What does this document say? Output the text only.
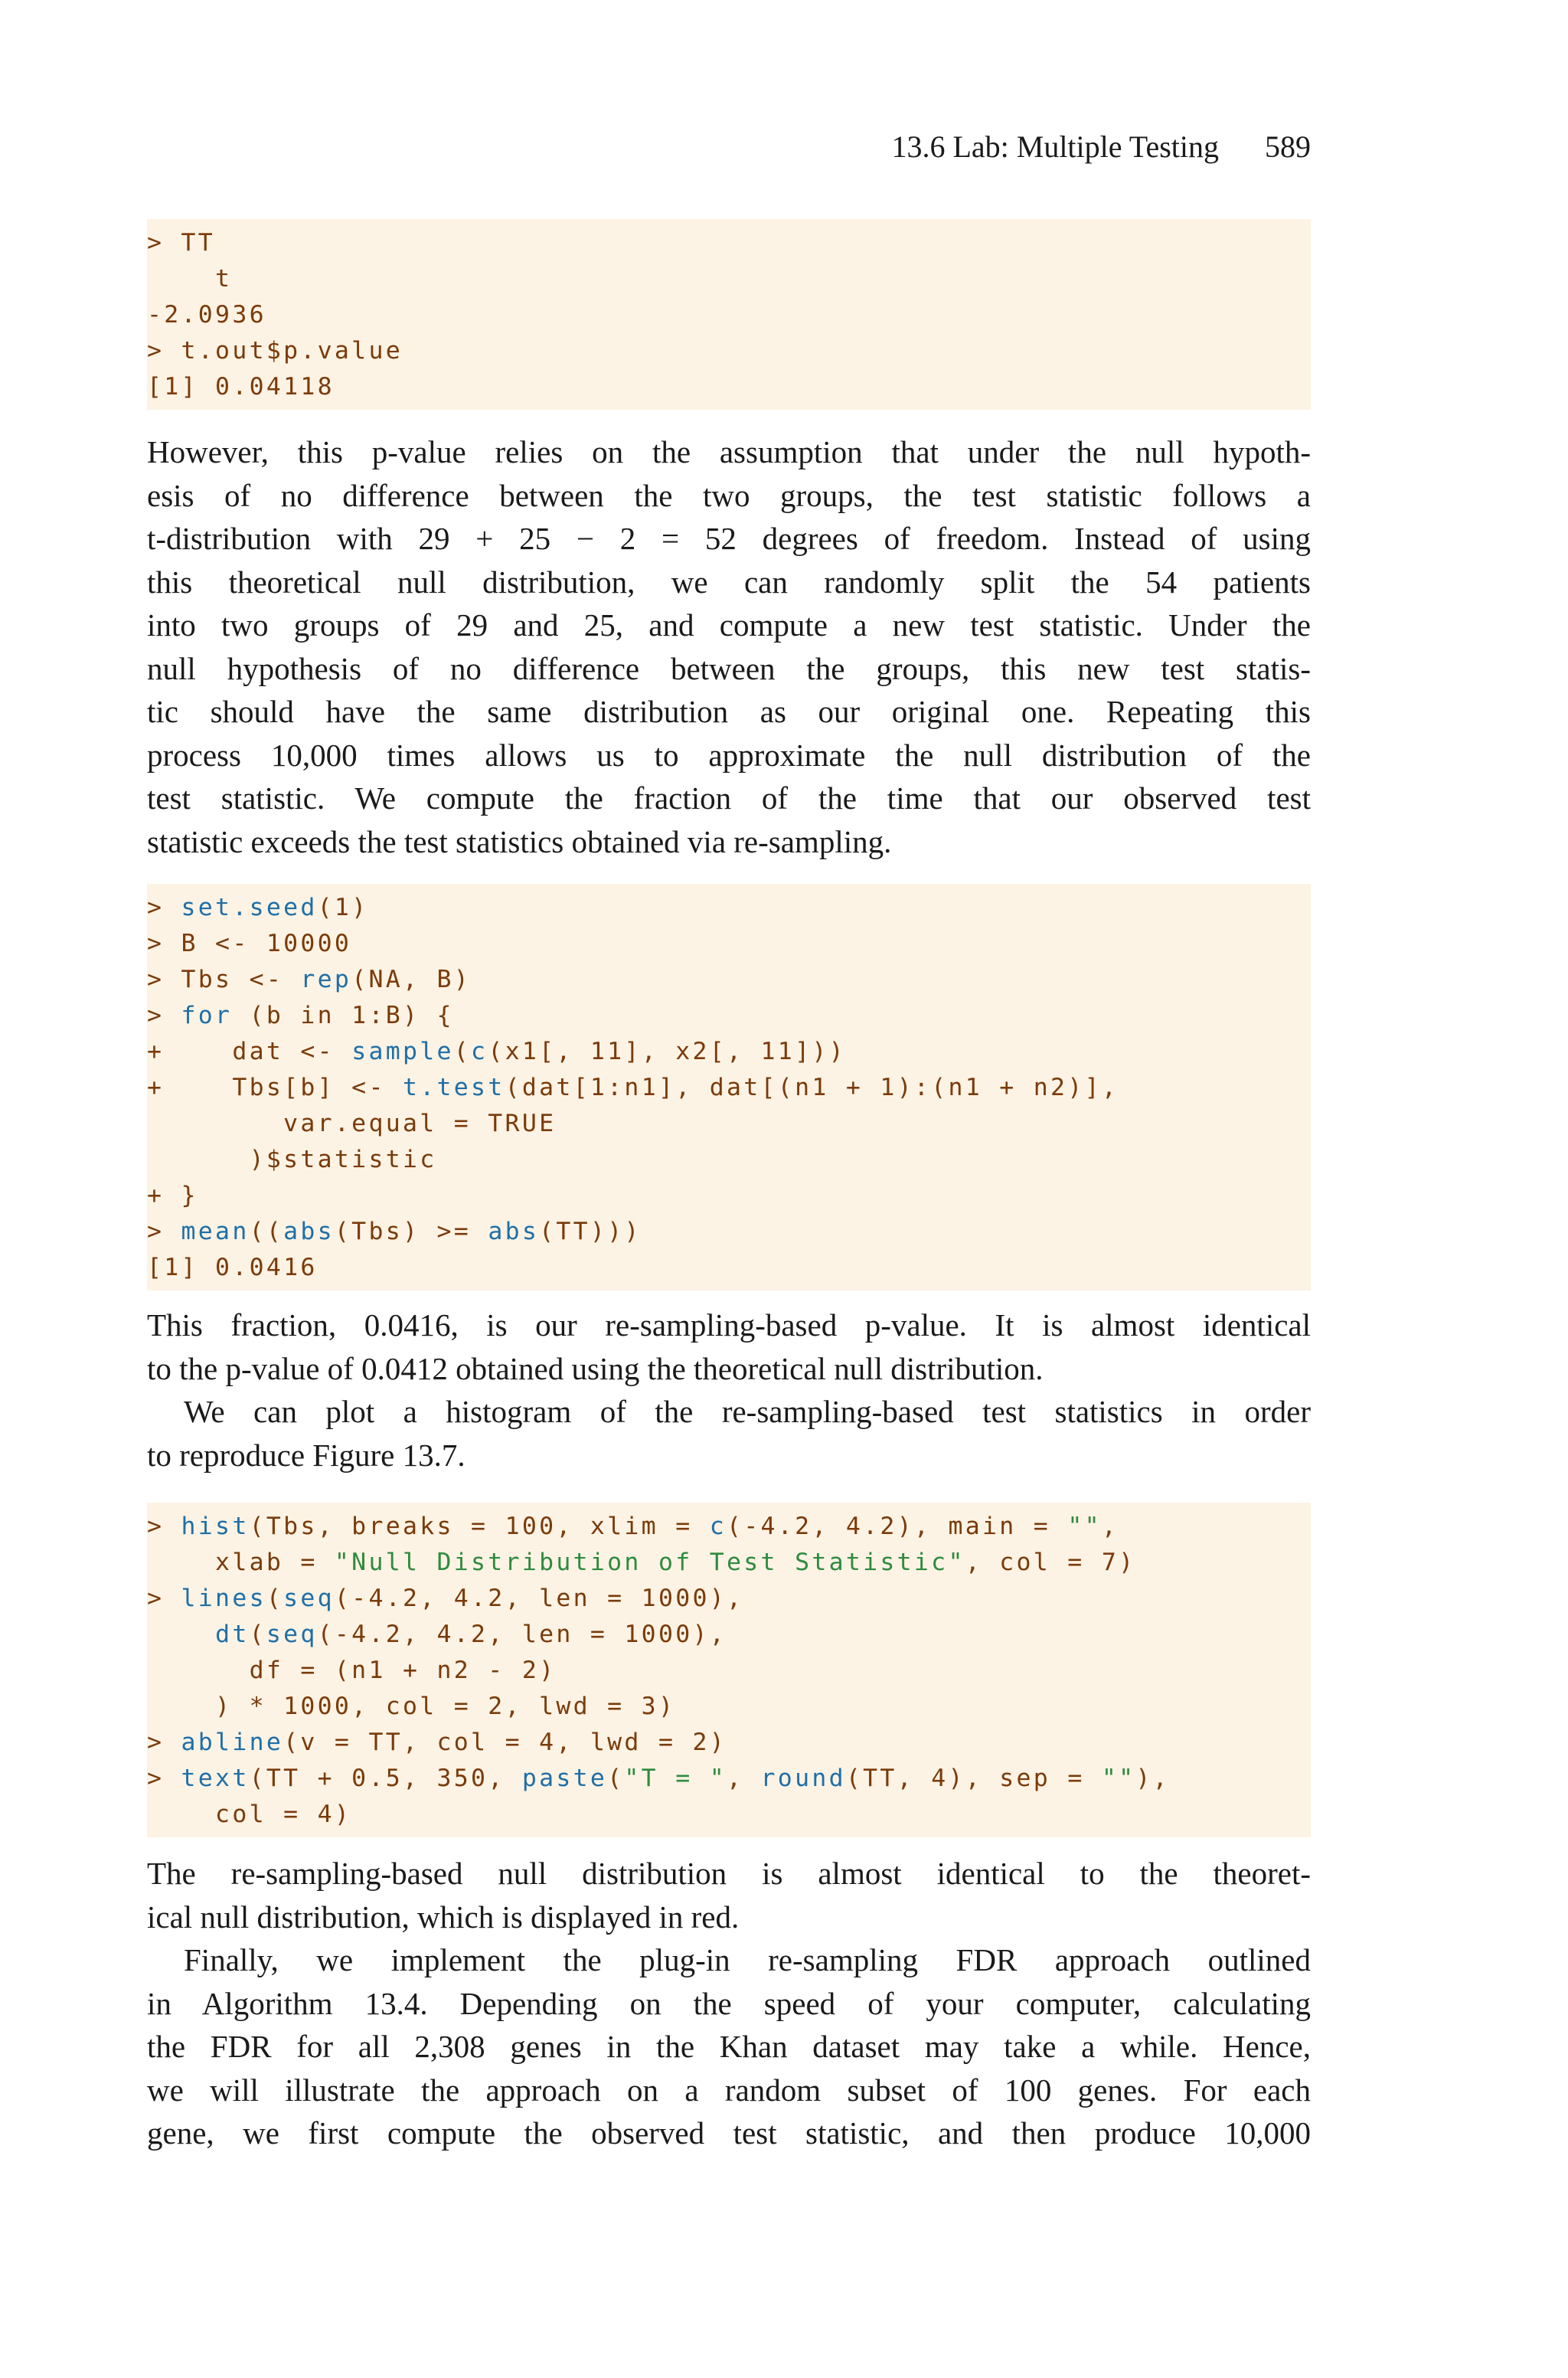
13.6 Lab: Multiple Testing 589
> TT
t
-2.0936
> t.out$p.value
[1] 0.04118
However, this p-value relies on the assumption that under the null hypoth-
esis of no difference between the two groups, the test statistic follows a
t-distribution with 29 + 25 − 2 = 52 degrees of freedom. Instead of using
this theoretical null distribution, we can randomly split the 54 patients
into two groups of 29 and 25, and compute a new test statistic. Under the
null hypothesis of no difference between the groups, this new test statis-
tic should have the same distribution as our original one. Repeating this
process 10,000 times allows us to approximate the null distribution of the
test statistic. We compute the fraction of the time that our observed test
statistic exceeds the test statistics obtained via re-sampling.
> set.seed(1)
> B <- 10000
> Tbs <- rep(NA, B)
> for (b in 1:B) {
+    dat <- sample(c(x1[, 11], x2[, 11]))
+    Tbs[b] <- t.test(dat[1:n1], dat[(n1 + 1):(n1 + n2)],
var.equal = TRUE
)$statistic
+ }
> mean((abs(Tbs) >= abs(TT)))
[1] 0.0416
This fraction, 0.0416, is our re-sampling-based p-value. It is almost identical
to the p-value of 0.0412 obtained using the theoretical null distribution.
We can plot a histogram of the re-sampling-based test statistics in order
to reproduce Figure 13.7.
> hist(Tbs, breaks = 100, xlim = c(-4.2, 4.2), main = "",
xlab = "Null Distribution of Test Statistic", col = 7)
> lines(seq(-4.2, 4.2, len = 1000),
dt(seq(-4.2, 4.2, len = 1000),
df = (n1 + n2 - 2)
) * 1000, col = 2, lwd = 3)
> abline(v = TT, col = 4, lwd = 2)
> text(TT + 0.5, 350, paste("T = ", round(TT, 4), sep = ""),
col = 4)
The re-sampling-based null distribution is almost identical to the theoret-
ical null distribution, which is displayed in red.
Finally, we implement the plug-in re-sampling FDR approach outlined
in Algorithm 13.4. Depending on the speed of your computer, calculating
the FDR for all 2,308 genes in the Khan dataset may take a while. Hence,
we will illustrate the approach on a random subset of 100 genes. For each
gene, we first compute the observed test statistic, and then produce 10,000
